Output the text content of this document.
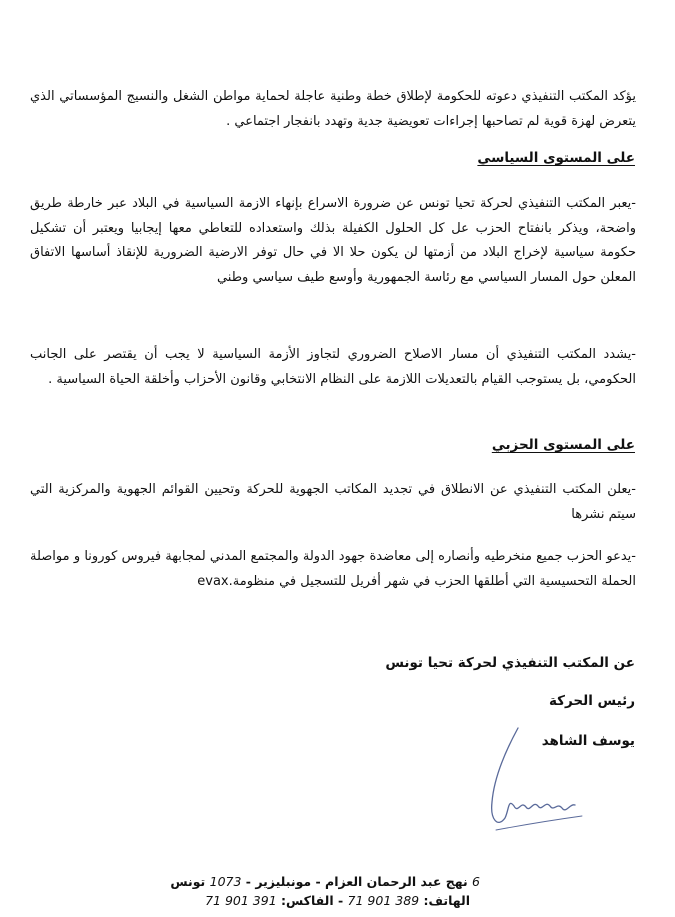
يؤكد المكتب التنفيذي دعوته للحكومة لإطلاق خطة وطنية عاجلة لحماية مواطن الشغل والنسيج المؤسساتي الذي يتعرض لهزة قوية لم تصاحبها إجراءات تعويضية جدية وتهدد بانفجار اجتماعي .
على المستوى السياسي
-يعبر المكتب التنفيذي لحركة تحيا تونس عن ضرورة الاسراع بإنهاء الازمة السياسية في البلاد عبر خارطة طريق واضحة، ويذكر بانفتاح الحزب عل كل الحلول الكفيلة بذلك واستعداده للتعاطي معها إيجابيا ويعتبر أن تشكيل حكومة سياسية لإخراج البلاد من أزمتها لن يكون حلا الا في حال توفر الارضية الضرورية للإنقاذ أساسها الاتفاق المعلن حول المسار السياسي مع رئاسة الجمهورية وأوسع طيف سياسي وطني
-يشدد المكتب التنفيذي أن مسار الاصلاح الضروري لتجاوز الأزمة السياسية لا يجب أن يقتصر على الجانب الحكومي، بل يستوجب القيام بالتعديلات اللازمة على النظام الانتخابي وقانون الأحزاب وأخلقة الحياة السياسية .
على المستوى الحزبي
-يعلن المكتب التنفيذي عن الانطلاق في تجديد المكاتب الجهوية للحركة وتحيين القوائم الجهوية والمركزية التي سيتم نشرها
-يدعو الحزب جميع منخرطيه وأنصاره إلى معاضدة جهود الدولة والمجتمع المدني لمجابهة فيروس كورونا و مواصلة الحملة التحسيسية التي أطلقها الحزب في شهر أفريل للتسجيل في منظومة.evax
عن المكتب التنفيذي لحركة تحيا تونس
رئيس الحركة
يوسف الشاهد
6 نهج عبد الرحمان العزام - مونبليزير - 1073 تونس
الهاتف: 71 901 389 - الفاكس: 71 901 391
